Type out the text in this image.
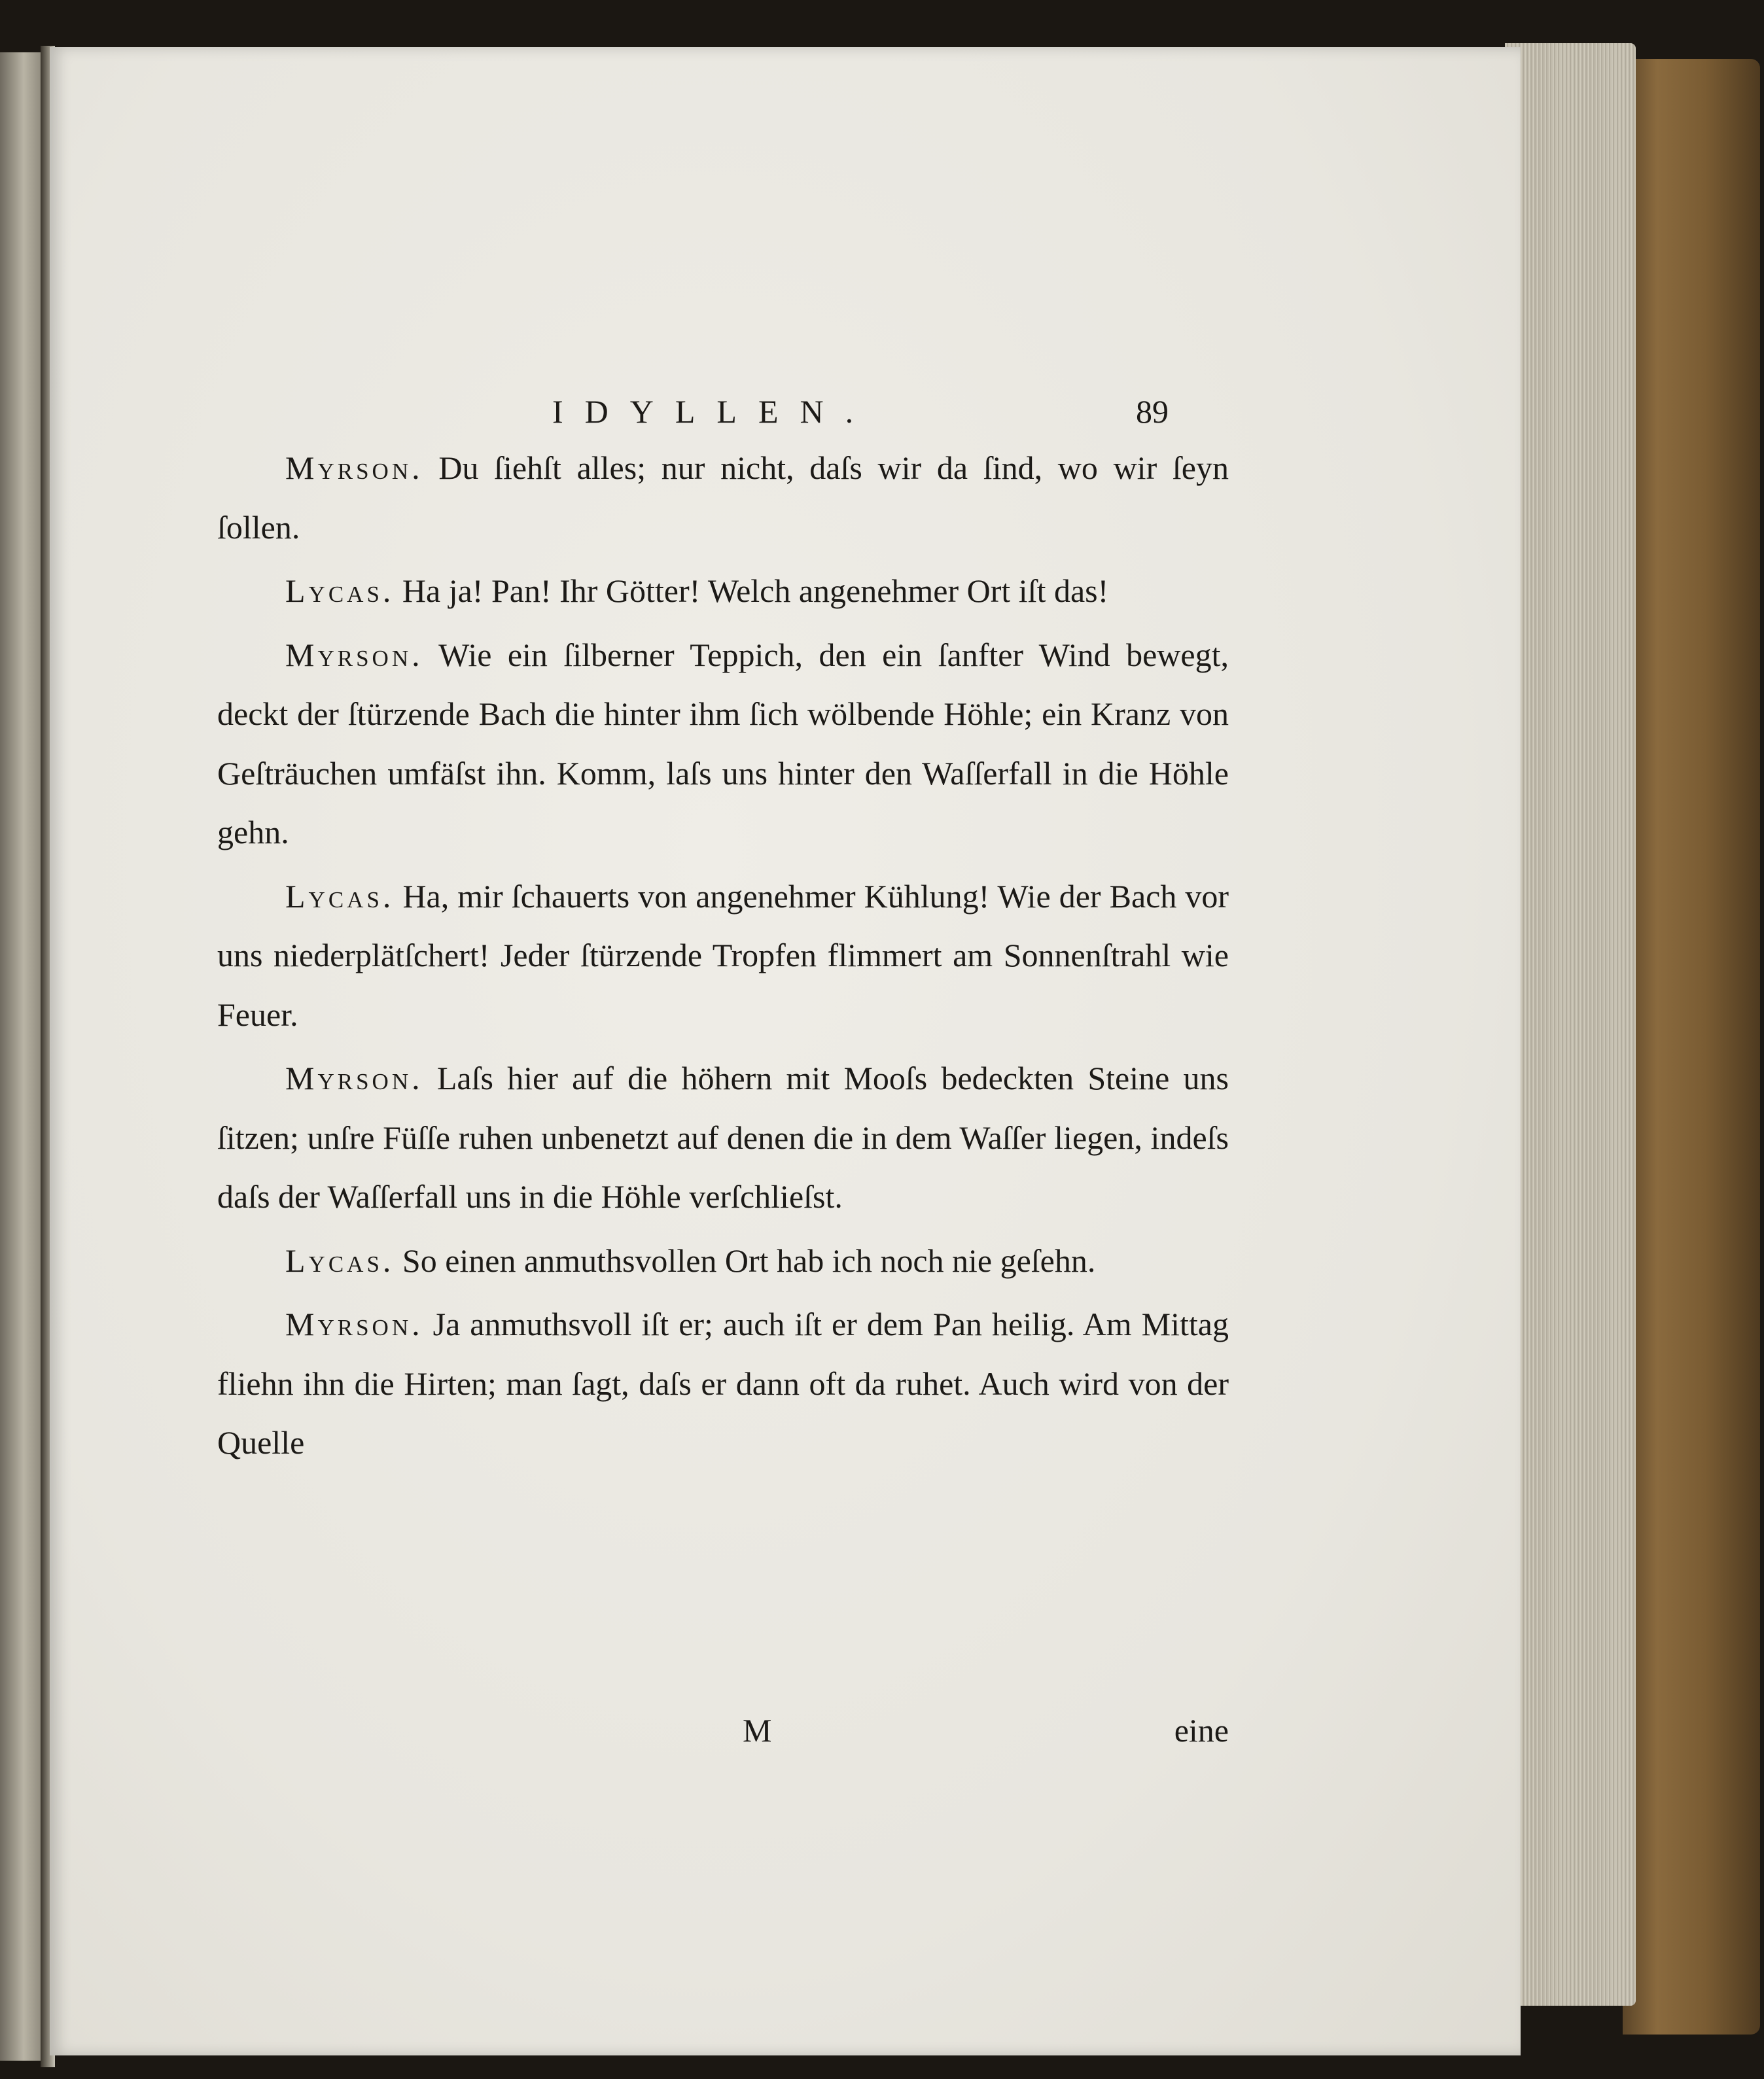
IDYLLEN.	89

Myrson. Du ſiehſt alles; nur nicht, daſs wir da ſind, wo wir ſeyn ſollen.

Lycas. Ha ja! Pan! Ihr Götter! Welch angenehmer Ort iſt das!

Myrson. Wie ein ſilberner Teppich, den ein ſanfter Wind bewegt, deckt der ſtürzende Bach die hinter ihm ſich wölbende Höhle; ein Kranz von Geſträuchen umfäſst ihn. Komm, laſs uns hinter den Waſſerfall in die Höhle gehn.

Lycas. Ha, mir ſchauerts von angenehmer Kühlung! Wie der Bach vor uns niederplätſchert! Jeder ſtürzende Tropfen flimmert am Sonnenſtrahl wie Feuer.

Myrson. Laſs hier auf die höhern mit Mooſs bedeckten Steine uns ſitzen; unſre Füſſe ruhen unbenetzt auf denen die in dem Waſſer liegen, indeſs daſs der Waſſerfall uns in die Höhle verſchlieſst.

Lycas. So einen anmuthsvollen Ort hab ich noch nie geſehn.

Myrson. Ja anmuthsvoll iſt er; auch iſt er dem Pan heilig. Am Mittag fliehn ihn die Hirten; man ſagt, daſs er dann oft da ruhet. Auch wird von der Quelle

M	eine
